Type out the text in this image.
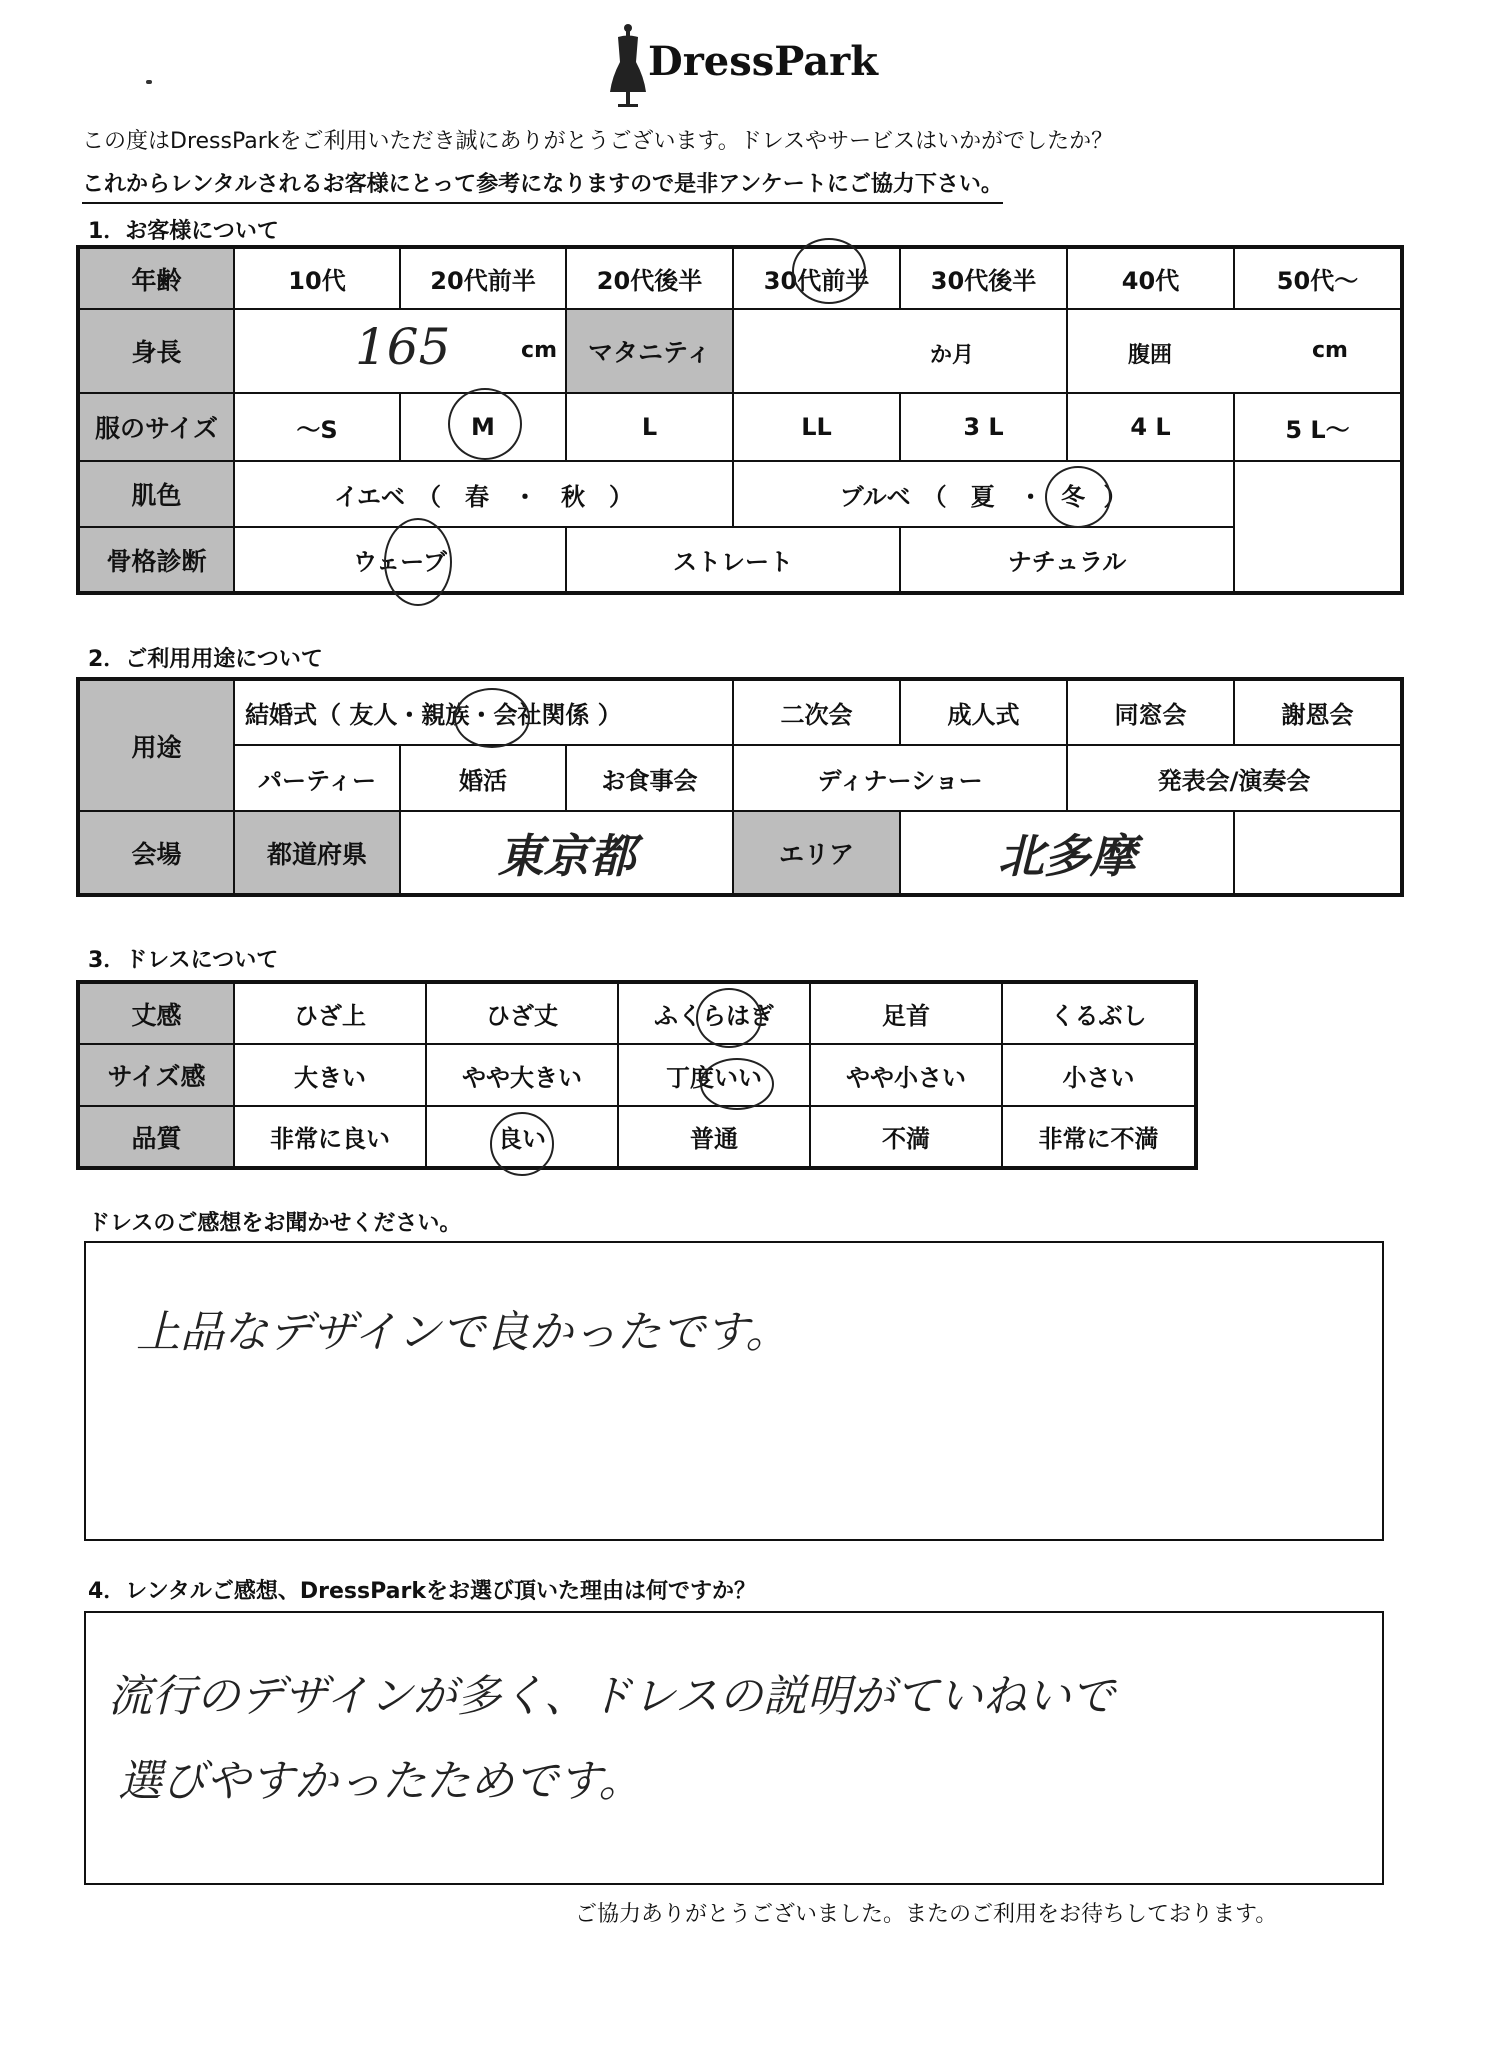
DressPark
この度はDressParkをご利用いただき誠にありがとうございます。ドレスやサービスはいかがでしたか？
これからレンタルされるお客様にとって参考になりますので是非アンケートにご協力下さい。
1．お客様について
年齢	10代	20代前半	20代後半	30代前半	30代後半	40代	50代～
身長	165 cm		マタニティ	か月		腹囲 cm	

服のサイズ	～S	M	L	LL	3 L	4 L	5 L～
肌色	イエベ　（　春　・　秋　）			ブルベ　（　夏　・ 冬 ）			
骨格診断	ウェーブ		ストレート		ナチュラル		
2．ご利用用途について
用途	結婚式（ 友人・親族・会社関係 ）			二次会	成人式	同窓会	謝恩会
	パーティー	婚活	お食事会	ディナーショー		発表会/演奏会	
会場	都道府県	東京都		エリア	北多摩		
3．ドレスについて
丈感	ひざ上	ひざ丈	ふくらはぎ	足首	くるぶし
サイズ感	大きい	やや大きい	丁度いい	やや小さい	小さい
品質	非常に良い	良い	普通	不満	非常に不満
ドレスのご感想をお聞かせください。
上品なデザインで良かったです。
4．レンタルご感想、DressParkをお選び頂いた理由は何ですか？
流行のデザインが多く、ドレスの説明がていねいで
選びやすかったためです。
ご協力ありがとうございました。またのご利用をお待ちしております。
